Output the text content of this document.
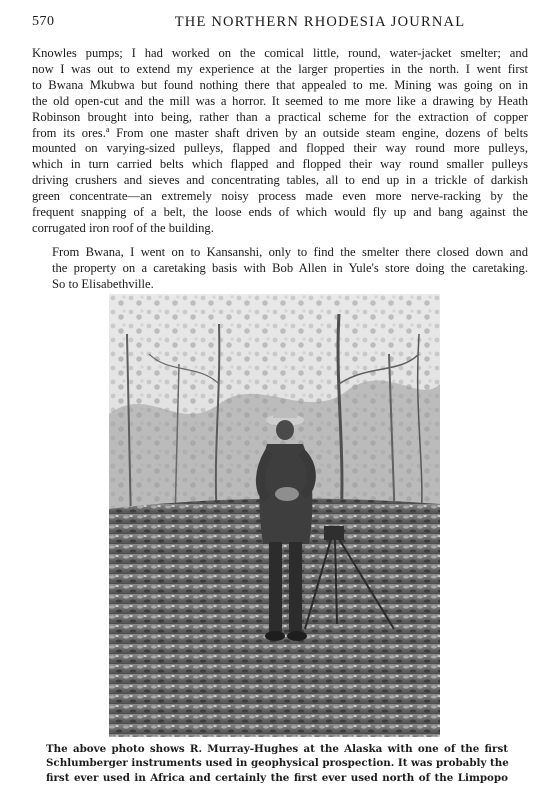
570	THE NORTHERN RHODESIA JOURNAL

Knowles pumps; I had worked on the comical little, round, water-jacket smelter; and
now I was out to extend my experience at the larger properties in the north. I went first
to Bwana Mkubwa but found nothing there that appealed to me. Mining was going on in
the old open-cut and the mill was a horror. It seemed to me more like a drawing by Heath
Robinson brought into being, rather than a practical scheme for the extraction of copper
from its ores.$^a$ From one master shaft driven by an outside steam engine, dozens of belts
mounted on varying-sized pulleys, flapped and flopped their way round more pulleys,
which in turn carried belts which flapped and flopped their way round smaller pulleys
driving crushers and sieves and concentrating tables, all to end up in a trickle of darkish
green concentrate—an extremely noisy process made even more nerve-racking by the
frequent snapping of a belt, the loose ends of which would fly up and bang against the
corrugated iron roof of the building.

From Bwana, I went on to Kansanshi, only to find the smelter there closed down and
the property on a caretaking basis with Bob Allen in Yule's store doing the caretaking.
So to Elisabethville.

The above photo shows R. Murray-Hughes at the Alaska with one of the first
Schlumberger instruments used in geophysical prospection. It was probably the
first ever used in Africa and certainly the first ever used north of the Limpopo
